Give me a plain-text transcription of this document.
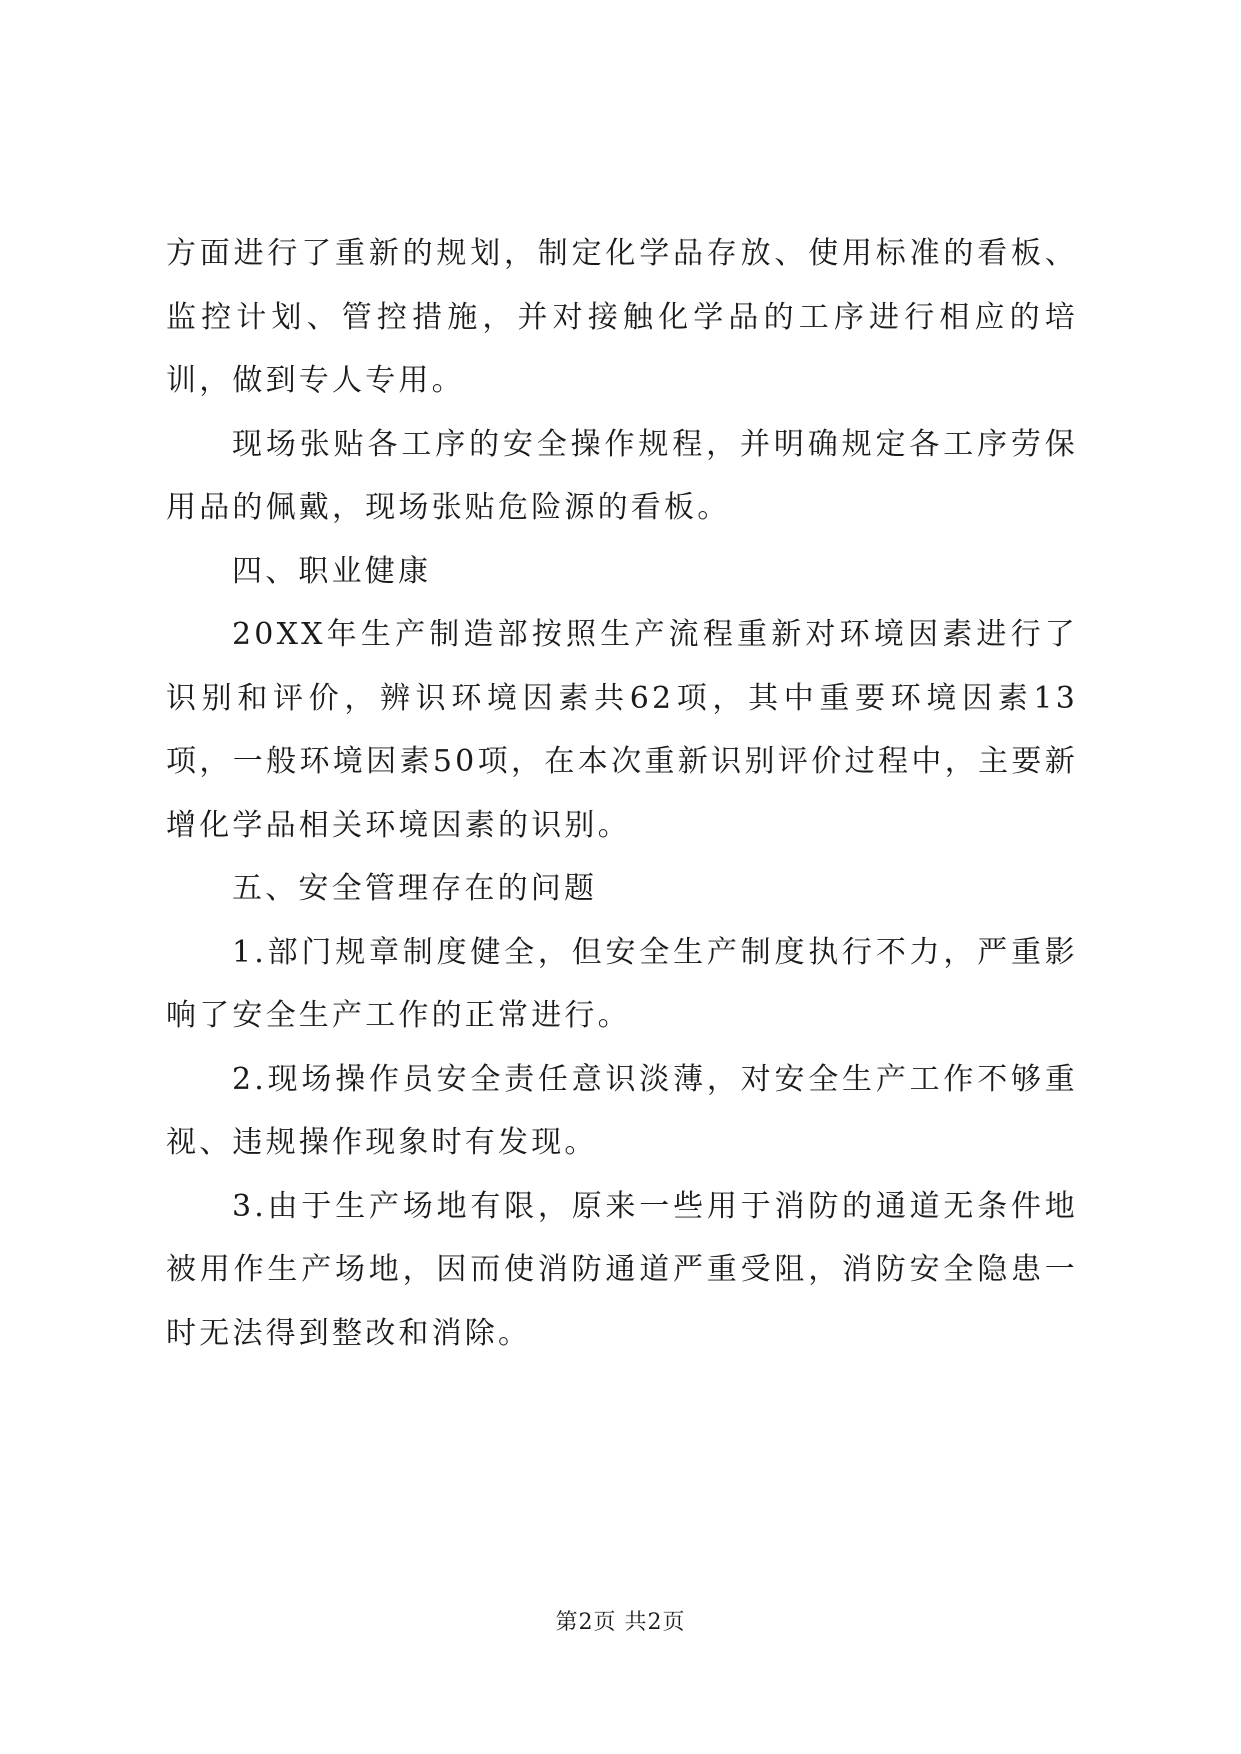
方面进行了重新的规划，制定化学品存放、使用标准的看板、监控计划、管控措施，并对接触化学品的工序进行相应的培训，做到专人专用。

现场张贴各工序的安全操作规程，并明确规定各工序劳保用品的佩戴，现场张贴危险源的看板。

四、职业健康

20XX年生产制造部按照生产流程重新对环境因素进行了识别和评价，辨识环境因素共62项，其中重要环境因素13项，一般环境因素50项，在本次重新识别评价过程中，主要新增化学品相关环境因素的识别。

五、安全管理存在的问题

1.部门规章制度健全，但安全生产制度执行不力，严重影响了安全生产工作的正常进行。

2.现场操作员安全责任意识淡薄，对安全生产工作不够重视、违规操作现象时有发现。

3.由于生产场地有限，原来一些用于消防的通道无条件地被用作生产场地，因而使消防通道严重受阻，消防安全隐患一时无法得到整改和消除。

第2页 共2页
